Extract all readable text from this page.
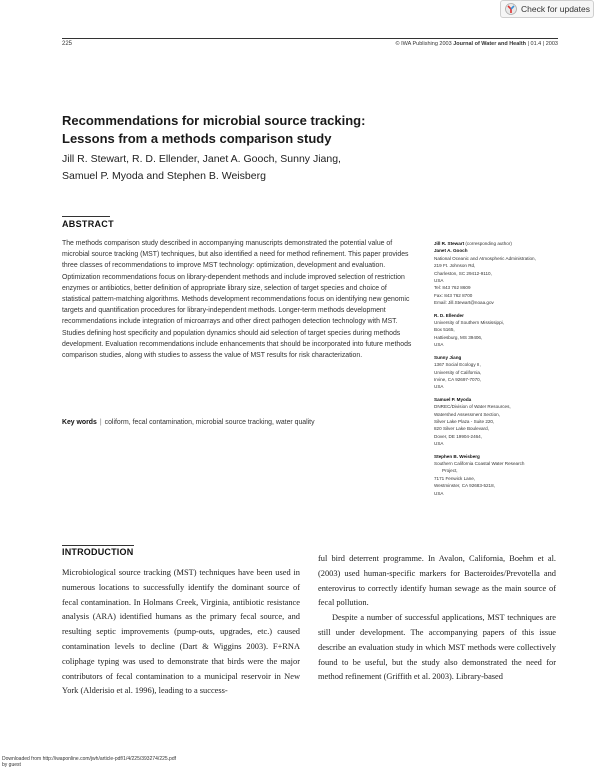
Check for updates
225	© IWA Publishing 2003 Journal of Water and Health | 01.4 | 2003
Recommendations for microbial source tracking:
Lessons from a methods comparison study
Jill R. Stewart, R. D. Ellender, Janet A. Gooch, Sunny Jiang,
Samuel P. Myoda and Stephen B. Weisberg
ABSTRACT
The methods comparison study described in accompanying manuscripts demonstrated the potential value of microbial source tracking (MST) techniques, but also identified a need for method refinement. This paper provides three classes of recommendations to improve MST technology: optimization, development and evaluation. Optimization recommendations focus on library-dependent methods and include improved selection of restriction enzymes or antibiotics, better definition of appropriate library size, selection of target species and choice of statistical pattern-matching algorithms. Methods development recommendations focus on identifying new genomic targets and quantification procedures for library-independent methods. Longer-term methods development recommendations include integration of microarrays and other direct pathogen detection technology with MST. Studies defining host specificity and population dynamics should aid selection of target species during methods development. Evaluation recommendations include enhancements that should be incorporated into future methods comparison studies, along with studies to assess the value of MST results for risk characterization.
Key words | coliform, fecal contamination, microbial source tracking, water quality
Jill R. Stewart (corresponding author)
Janet A. Gooch
National Oceanic and Atmospheric Administration,
219 Ft. Johnson Rd,
Charleston, SC 29412-9110,
USA
Tel: 843 762 8609
Fax: 843 762 8700
Email: Jill.Stewart@noaa.gov
R. D. Ellender
University of Southern Mississippi,
Box 5165,
Hattiesburg, MS 39406,
USA
Sunny Jiang
1367 Social Ecology II,
University of California,
Irvine, CA 92697-7070,
USA
Samuel P. Myoda
DNREC/Division of Water Resources,
Watershed Assessment Section,
Silver Lake Plaza - Suite 220,
820 Silver Lake Boulevard,
Dover, DE 19904-2464,
USA
Stephen B. Weisberg
Southern California Coastal Water Research
Project,
7171 Fenwick Lane,
Westminster, CA 92683-5218,
USA
INTRODUCTION

Microbiological source tracking (MST) techniques have been used in numerous locations to successfully identify the dominant source of fecal contamination. In Holmans Creek, Virginia, antibiotic resistance analysis (ARA) identified humans as the primary fecal source, and resulting septic improvements (pump-outs, upgrades, etc.) caused contamination levels to decline (Dart & Wiggins 2003). F+RNA coliphage typing was used to demonstrate that birds were the major contributors of fecal contamination to a municipal reservoir in New York (Alderisio et al. 1996), leading to a success-

ful bird deterrent programme. In Avalon, California, Boehm et al. (2003) used human-specific markers for Bacteroides/Prevotella and enterovirus to correctly identify human sewage as the main source of fecal pollution.

Despite a number of successful applications, MST techniques are still under development. The accompanying papers of this issue describe an evaluation study in which MST methods were collectively found to be useful, but the study also demonstrated the need for method refinement (Griffith et al. 2003). Library-based

Downloaded from http://iwaponline.com/jwh/article-pdf/1/4/225/393274/225.pdf
by guest
